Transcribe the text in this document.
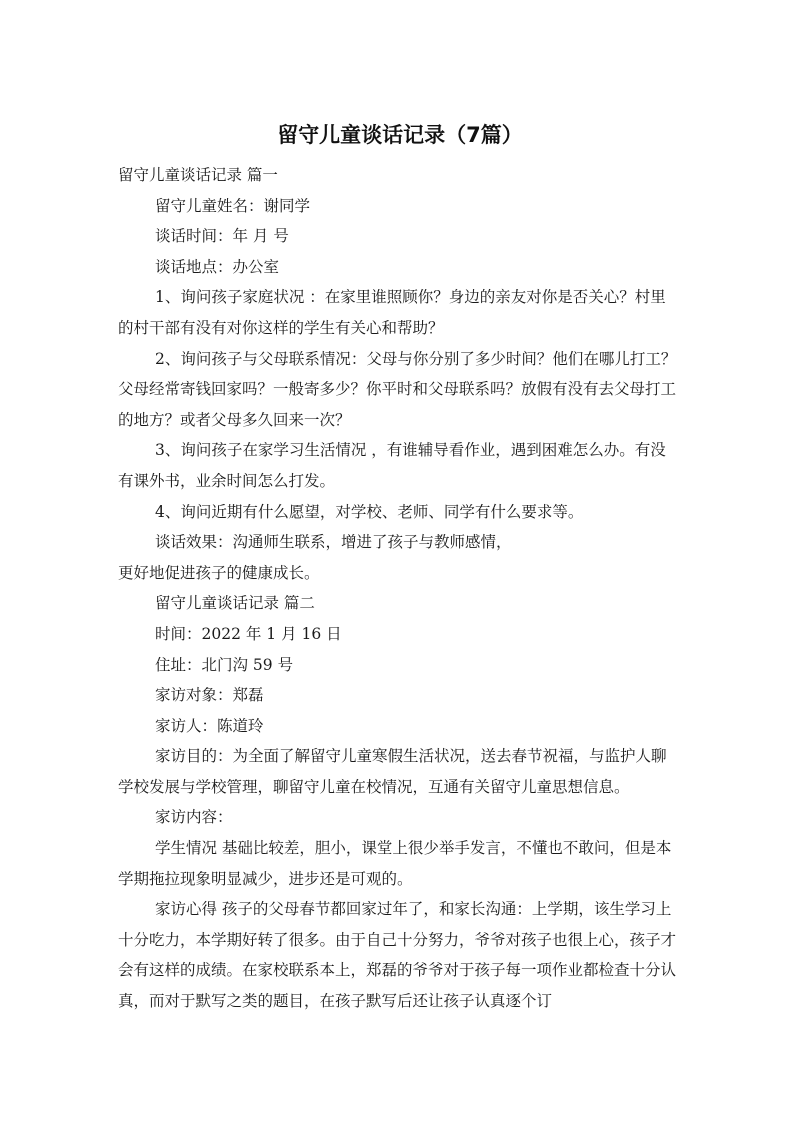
留守儿童谈话记录（7篇）

留守儿童谈话记录 篇一

留守儿童姓名：谢同学

谈话时间：年 月 号

谈话地点：办公室

1、询问孩子家庭状况 ：在家里谁照顾你？身边的亲友对你是否关心？村里的村干部有没有对你这样的学生有关心和帮助？

2、询问孩子与父母联系情况：父母与你分别了多少时间？他们在哪儿打工？父母经常寄钱回家吗？一般寄多少？你平时和父母联系吗？放假有没有去父母打工的地方？或者父母多久回来一次？

3、询问孩子在家学习生活情况 ，有谁辅导看作业，遇到困难怎么办。有没有课外书，业余时间怎么打发。

4、询问近期有什么愿望，对学校、老师、同学有什么要求等。

谈话效果：沟通师生联系，增进了孩子与教师感情，

更好地促进孩子的健康成长。

留守儿童谈话记录 篇二

时间：2022 年 1 月 16 日

住址：北门沟 59 号

家访对象：郑磊

家访人：陈道玲

家访目的：为全面了解留守儿童寒假生活状况，送去春节祝福，与监护人聊学校发展与学校管理，聊留守儿童在校情况，互通有关留守儿童思想信息。

家访内容：

学生情况 基础比较差，胆小，课堂上很少举手发言，不懂也不敢问，但是本学期拖拉现象明显减少，进步还是可观的。

家访心得 孩子的父母春节都回家过年了，和家长沟通：上学期，该生学习上十分吃力，本学期好转了很多。由于自己十分努力，爷爷对孩子也很上心，孩子才会有这样的成绩。在家校联系本上，郑磊的爷爷对于孩子每一项作业都检查十分认真，而对于默写之类的题目，在孩子默写后还让孩子认真逐个订
